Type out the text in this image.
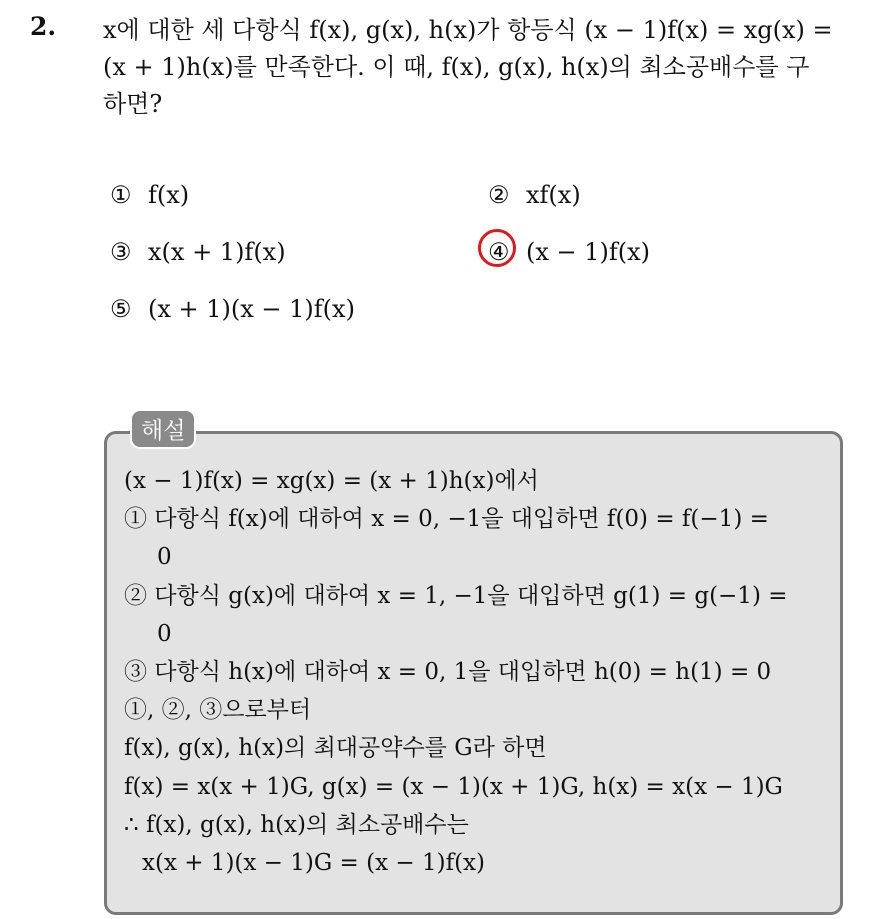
2. x에 대한 세 다항식 f(x), g(x), h(x)가 항등식 (x − 1)f(x) = xg(x) =
(x + 1)h(x)를 만족한다. 이 때, f(x), g(x), h(x)의 최소공배수를 구
하면?
① f(x)	② xf(x)
③ x(x + 1)f(x)	④ (x − 1)f(x)
⑤ (x + 1)(x − 1)f(x)
해설
(x − 1)f(x) = xg(x) = (x + 1)h(x)에서
① 다항식 f(x)에 대하여 x = 0, −1을 대입하면 f(0) = f(−1) =
0
② 다항식 g(x)에 대하여 x = 1, −1을 대입하면 g(1) = g(−1) =
0
③ 다항식 h(x)에 대하여 x = 0, 1을 대입하면 h(0) = h(1) = 0
①, ②, ③으로부터
f(x), g(x), h(x)의 최대공약수를 G라 하면
f(x) = x(x + 1)G, g(x) = (x − 1)(x + 1)G, h(x) = x(x − 1)G
∴ f(x), g(x), h(x)의 최소공배수는
x(x + 1)(x − 1)G = (x − 1)f(x)
